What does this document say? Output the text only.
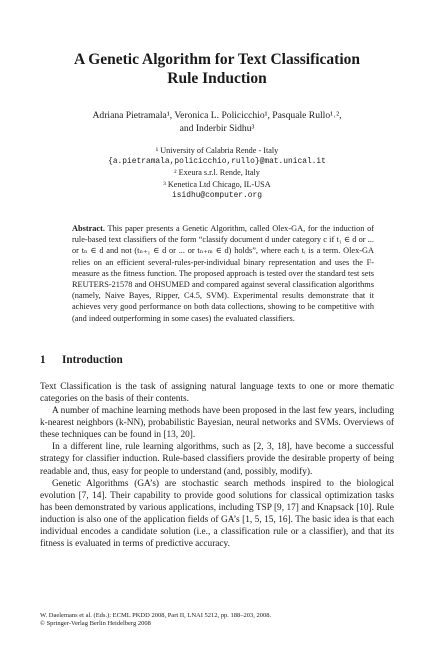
A Genetic Algorithm for Text Classification
Rule Induction
Adriana Pietramala¹, Veronica L. Policicchio¹, Pasquale Rullo¹˒²,
and Inderbir Sidhu³
¹ University of Calabria Rende - Italy
{a.pietramala,policicchio,rullo}@mat.unical.it
² Exeura s.r.l. Rende, Italy
³ Kenetica Ltd Chicago, IL-USA
isidhu@computer.org
Abstract. This paper presents a Genetic Algorithm, called Olex-GA, for the induction of rule-based text classifiers of the form “classify document d under category c if t₁ ∈ d or ... or tₙ ∈ d and not (tₙ₊₁ ∈ d or ... or tₙ₊ₘ ∈ d) holds”, where each tᵢ is a term. Olex-GA relies on an efficient several-rules-per-individual binary representation and uses the F-measure as the fitness function. The proposed approach is tested over the standard test sets REUTERS-21578 and OHSUMED and compared against several classification algorithms (namely, Naive Bayes, Ripper, C4.5, SVM). Experimental results demonstrate that it achieves very good performance on both data collections, showing to be competitive with (and indeed outperforming in some cases) the evaluated classifiers.
1 Introduction

Text Classification is the task of assigning natural language texts to one or more thematic categories on the basis of their contents.

A number of machine learning methods have been proposed in the last few years, including k-nearest neighbors (k-NN), probabilistic Bayesian, neural networks and SVMs. Overviews of these techniques can be found in [13, 20].

In a different line, rule learning algorithms, such as [2, 3, 18], have become a successful strategy for classifier induction. Rule-based classifiers provide the desirable property of being readable and, thus, easy for people to understand (and, possibly, modify).

Genetic Algorithms (GA’s) are stochastic search methods inspired to the biological evolution [7, 14]. Their capability to provide good solutions for classical optimization tasks has been demonstrated by various applications, including TSP [9, 17] and Knapsack [10]. Rule induction is also one of the application fields of GA’s [1, 5, 15, 16]. The basic idea is that each individual encodes a candidate solution (i.e., a classification rule or a classifier), and that its fitness is evaluated in terms of predictive accuracy.

W. Daelemans et al. (Eds.): ECML PKDD 2008, Part II, LNAI 5212, pp. 188–203, 2008.
© Springer-Verlag Berlin Heidelberg 2008
